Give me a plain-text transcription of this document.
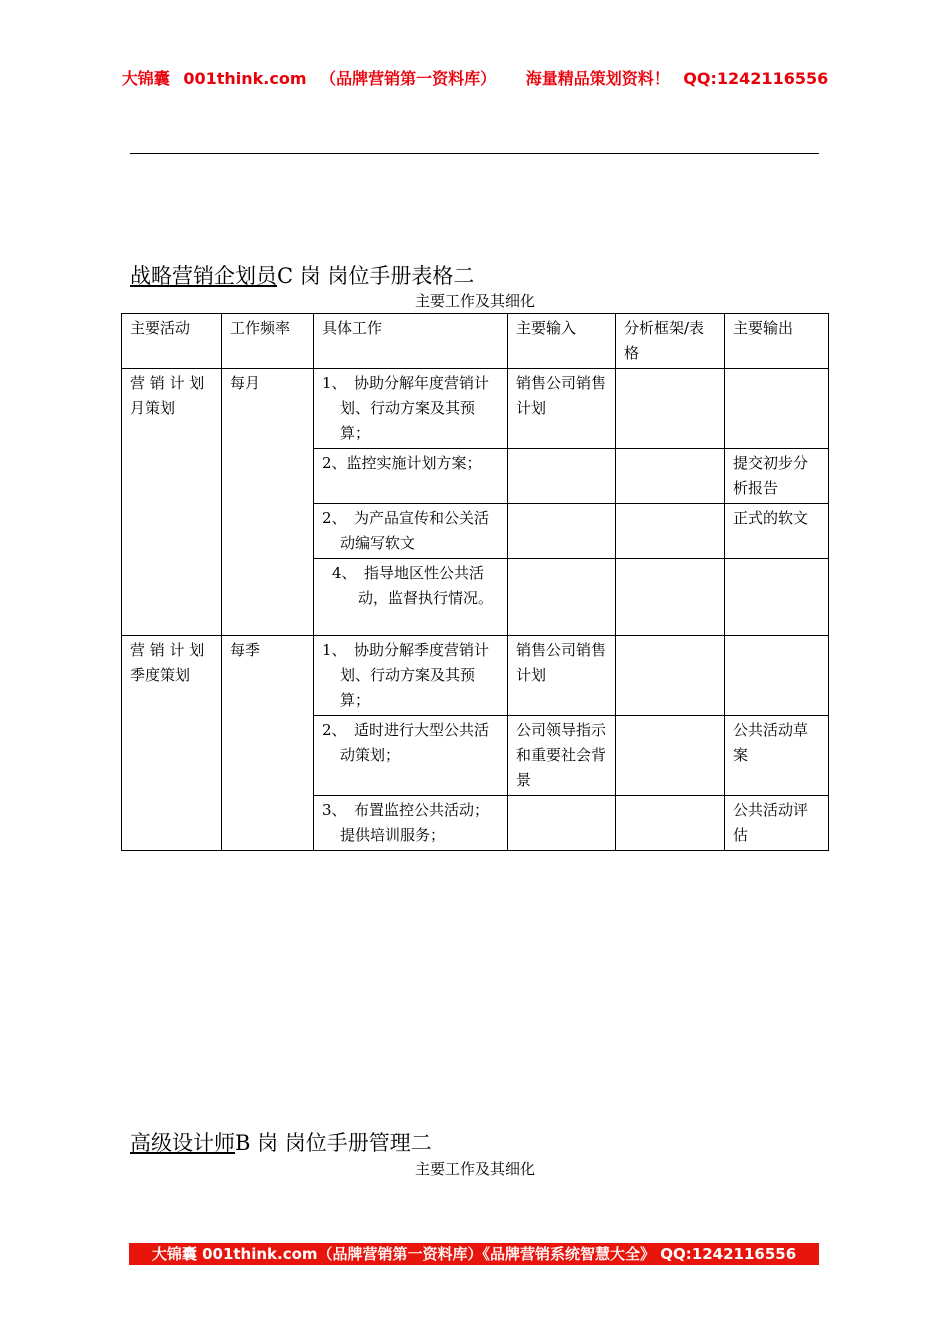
大锦囊 001think.com （品牌营销第一资料库） 海量精品策划资料！ QQ:1242116556
战略营销企划员C 岗 岗位手册表格二
主要工作及其细化
主要活动	工作频率	具体工作	主要输入	分析框架/表格	主要输出
营 销 计 划 月策划	每月	1、　协助分解年度营销计划、行动方案及其预算；	销售公司销售计划		
		2、监控实施计划方案；			提交初步分析报告
		2、　为产品宣传和公关活动编写软文			正式的软文
		4、　指导地区性公共活动，监督执行情况。			
营 销 计 划 季度策划	每季	1、　协助分解季度营销计划、行动方案及其预算；	销售公司销售计划		
		2、　适时进行大型公共活动策划；	公司领导指示和重要社会背景		公共活动草案
		3、　布置监控公共活动；提供培训服务；			公共活动评估
高级设计师B 岗 岗位手册管理二
主要工作及其细化
大锦囊 001think.com（品牌营销第一资料库）《品牌营销系统智慧大全》 QQ:1242116556
